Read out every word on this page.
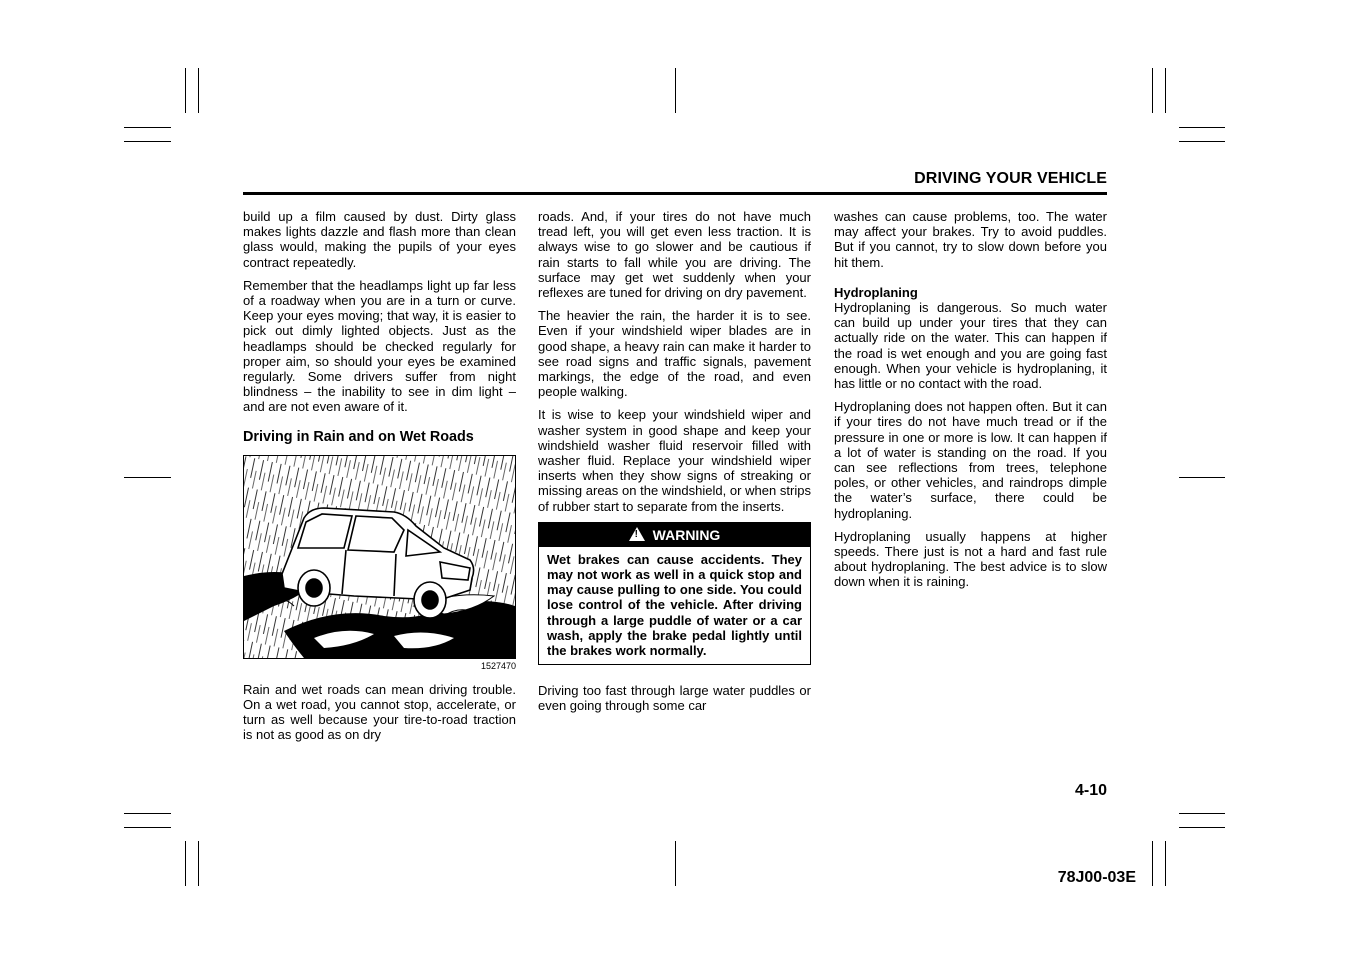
DRIVING YOUR VEHICLE

build up a film caused by dust. Dirty glass makes lights dazzle and flash more than clean glass would, making the pupils of your eyes contract repeatedly.

Remember that the headlamps light up far less of a roadway when you are in a turn or curve. Keep your eyes moving; that way, it is easier to pick out dimly lighted objects. Just as the headlamps should be checked regularly for proper aim, so should your eyes be examined regularly. Some drivers suffer from night blindness – the inability to see in dim light – and are not even aware of it.

Driving in Rain and on Wet Roads
1527470

Rain and wet roads can mean driving trouble. On a wet road, you cannot stop, accelerate, or turn as well because your tire-to-road traction is not as good as on dry

roads. And, if your tires do not have much tread left, you will get even less traction. It is always wise to go slower and be cautious if rain starts to fall while you are driving. The surface may get wet suddenly when your reflexes are tuned for driving on dry pavement.

The heavier the rain, the harder it is to see. Even if your windshield wiper blades are in good shape, a heavy rain can make it harder to see road signs and traffic signals, pavement markings, the edge of the road, and even people walking.

It is wise to keep your windshield wiper and washer system in good shape and keep your windshield washer fluid reservoir filled with washer fluid. Replace your windshield wiper inserts when they show signs of streaking or missing areas on the windshield, or when strips of rubber start to separate from the inserts.

! WARNING
Wet brakes can cause accidents. They may not work as well in a quick stop and may cause pulling to one side. You could lose control of the vehicle. After driving through a large puddle of water or a car wash, apply the brake pedal lightly until the brakes work normally.

Driving too fast through large water puddles or even going through some car

washes can cause problems, too. The water may affect your brakes. Try to avoid puddles. But if you cannot, try to slow down before you hit them.

Hydroplaning

Hydroplaning is dangerous. So much water can build up under your tires that they can actually ride on the water. This can happen if the road is wet enough and you are going fast enough. When your vehicle is hydroplaning, it has little or no contact with the road.

Hydroplaning does not happen often. But it can if your tires do not have much tread or if the pressure in one or more is low. It can happen if a lot of water is standing on the road. If you can see reflections from trees, telephone poles, or other vehicles, and raindrops dimple the water’s surface, there could be hydroplaning.

Hydroplaning usually happens at higher speeds. There just is not a hard and fast rule about hydroplaning. The best advice is to slow down when it is raining.

4-10
78J00-03E
